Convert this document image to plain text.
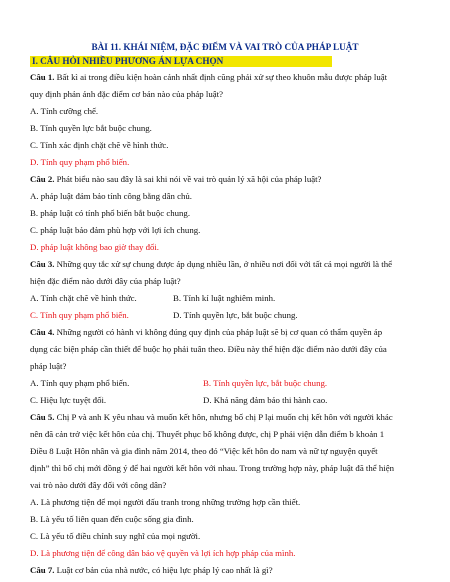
BÀI 11. KHÁI NIỆM, ĐẶC ĐIỂM VÀ VAI TRÒ CỦA PHÁP LUẬT
I. CÂU HỎI NHIỀU PHƯƠNG ÁN LỰA CHỌN
Câu 1. Bất kì ai trong điều kiện hoàn cảnh nhất định cũng phải xử sự theo khuôn mẫu được pháp luật
quy định phản ánh đặc điểm cơ bản nào của pháp luật?
A. Tính cưỡng chế.
B. Tính quyền lực bắt buộc chung.
C. Tính xác định chặt chẽ về hình thức.
D. Tính quy phạm phổ biến.
Câu 2. Phát biểu nào sau đây là sai khi nói về vai trò quản lý xã hội của pháp luật?
A. pháp luật đảm bảo tính công bằng dân chủ.
B. pháp luật có tính phổ biến bắt buộc chung.
C. pháp luật bảo đảm phù hợp với lợi ích chung.
D. pháp luật không bao giờ thay đổi.
Câu 3. Những quy tắc xử sự chung được áp dụng nhiều lần, ở nhiều nơi đối với tất cả mọi người là thể
hiện đặc điểm nào dưới đây của pháp luật?
A. Tính chặt chẽ về hình thức.	B. Tính kỉ luật nghiêm minh.
C. Tính quy phạm phổ biến.	D. Tính quyền lực, bắt buộc chung.
Câu 4. Những người có hành vi không đúng quy định của pháp luật sẽ bị cơ quan có thẩm quyền áp
dụng các biện pháp cần thiết để buộc họ phải tuân theo. Điều này thể hiện đặc điểm nào dưới đây của
pháp luật?
A. Tính quy phạm phổ biến.	B. Tính quyền lực, bắt buộc chung.
C. Hiệu lực tuyệt đối.	D. Khả năng đảm bảo thi hành cao.
Câu 5. Chị P và anh K yêu nhau và muốn kết hôn, nhưng bố chị P lại muốn chị kết hôn với người khác
nên đã cản trở việc kết hôn của chị. Thuyết phục bố không được, chị P phải viện dẫn điểm b khoản 1
Điều 8 Luật Hôn nhân và gia đình năm 2014, theo đó “Việc kết hôn do nam và nữ tự nguyện quyết
định” thì bố chị mới đồng ý để hai người kết hôn với nhau. Trong trường hợp này, pháp luật đã thể hiện
vai trò nào dưới đây đối với công dân?
A. Là phương tiện để mọi người đấu tranh trong những trường hợp cần thiết.
B. Là yếu tố liên quan đến cuộc sống gia đình.
C. Là yếu tố điều chỉnh suy nghĩ của mọi người.
D. Là phương tiện để công dân bảo vệ quyền và lợi ích hợp pháp của mình.
Câu 7. Luật cơ bản của nhà nước, có hiệu lực pháp lý cao nhất là gì?
